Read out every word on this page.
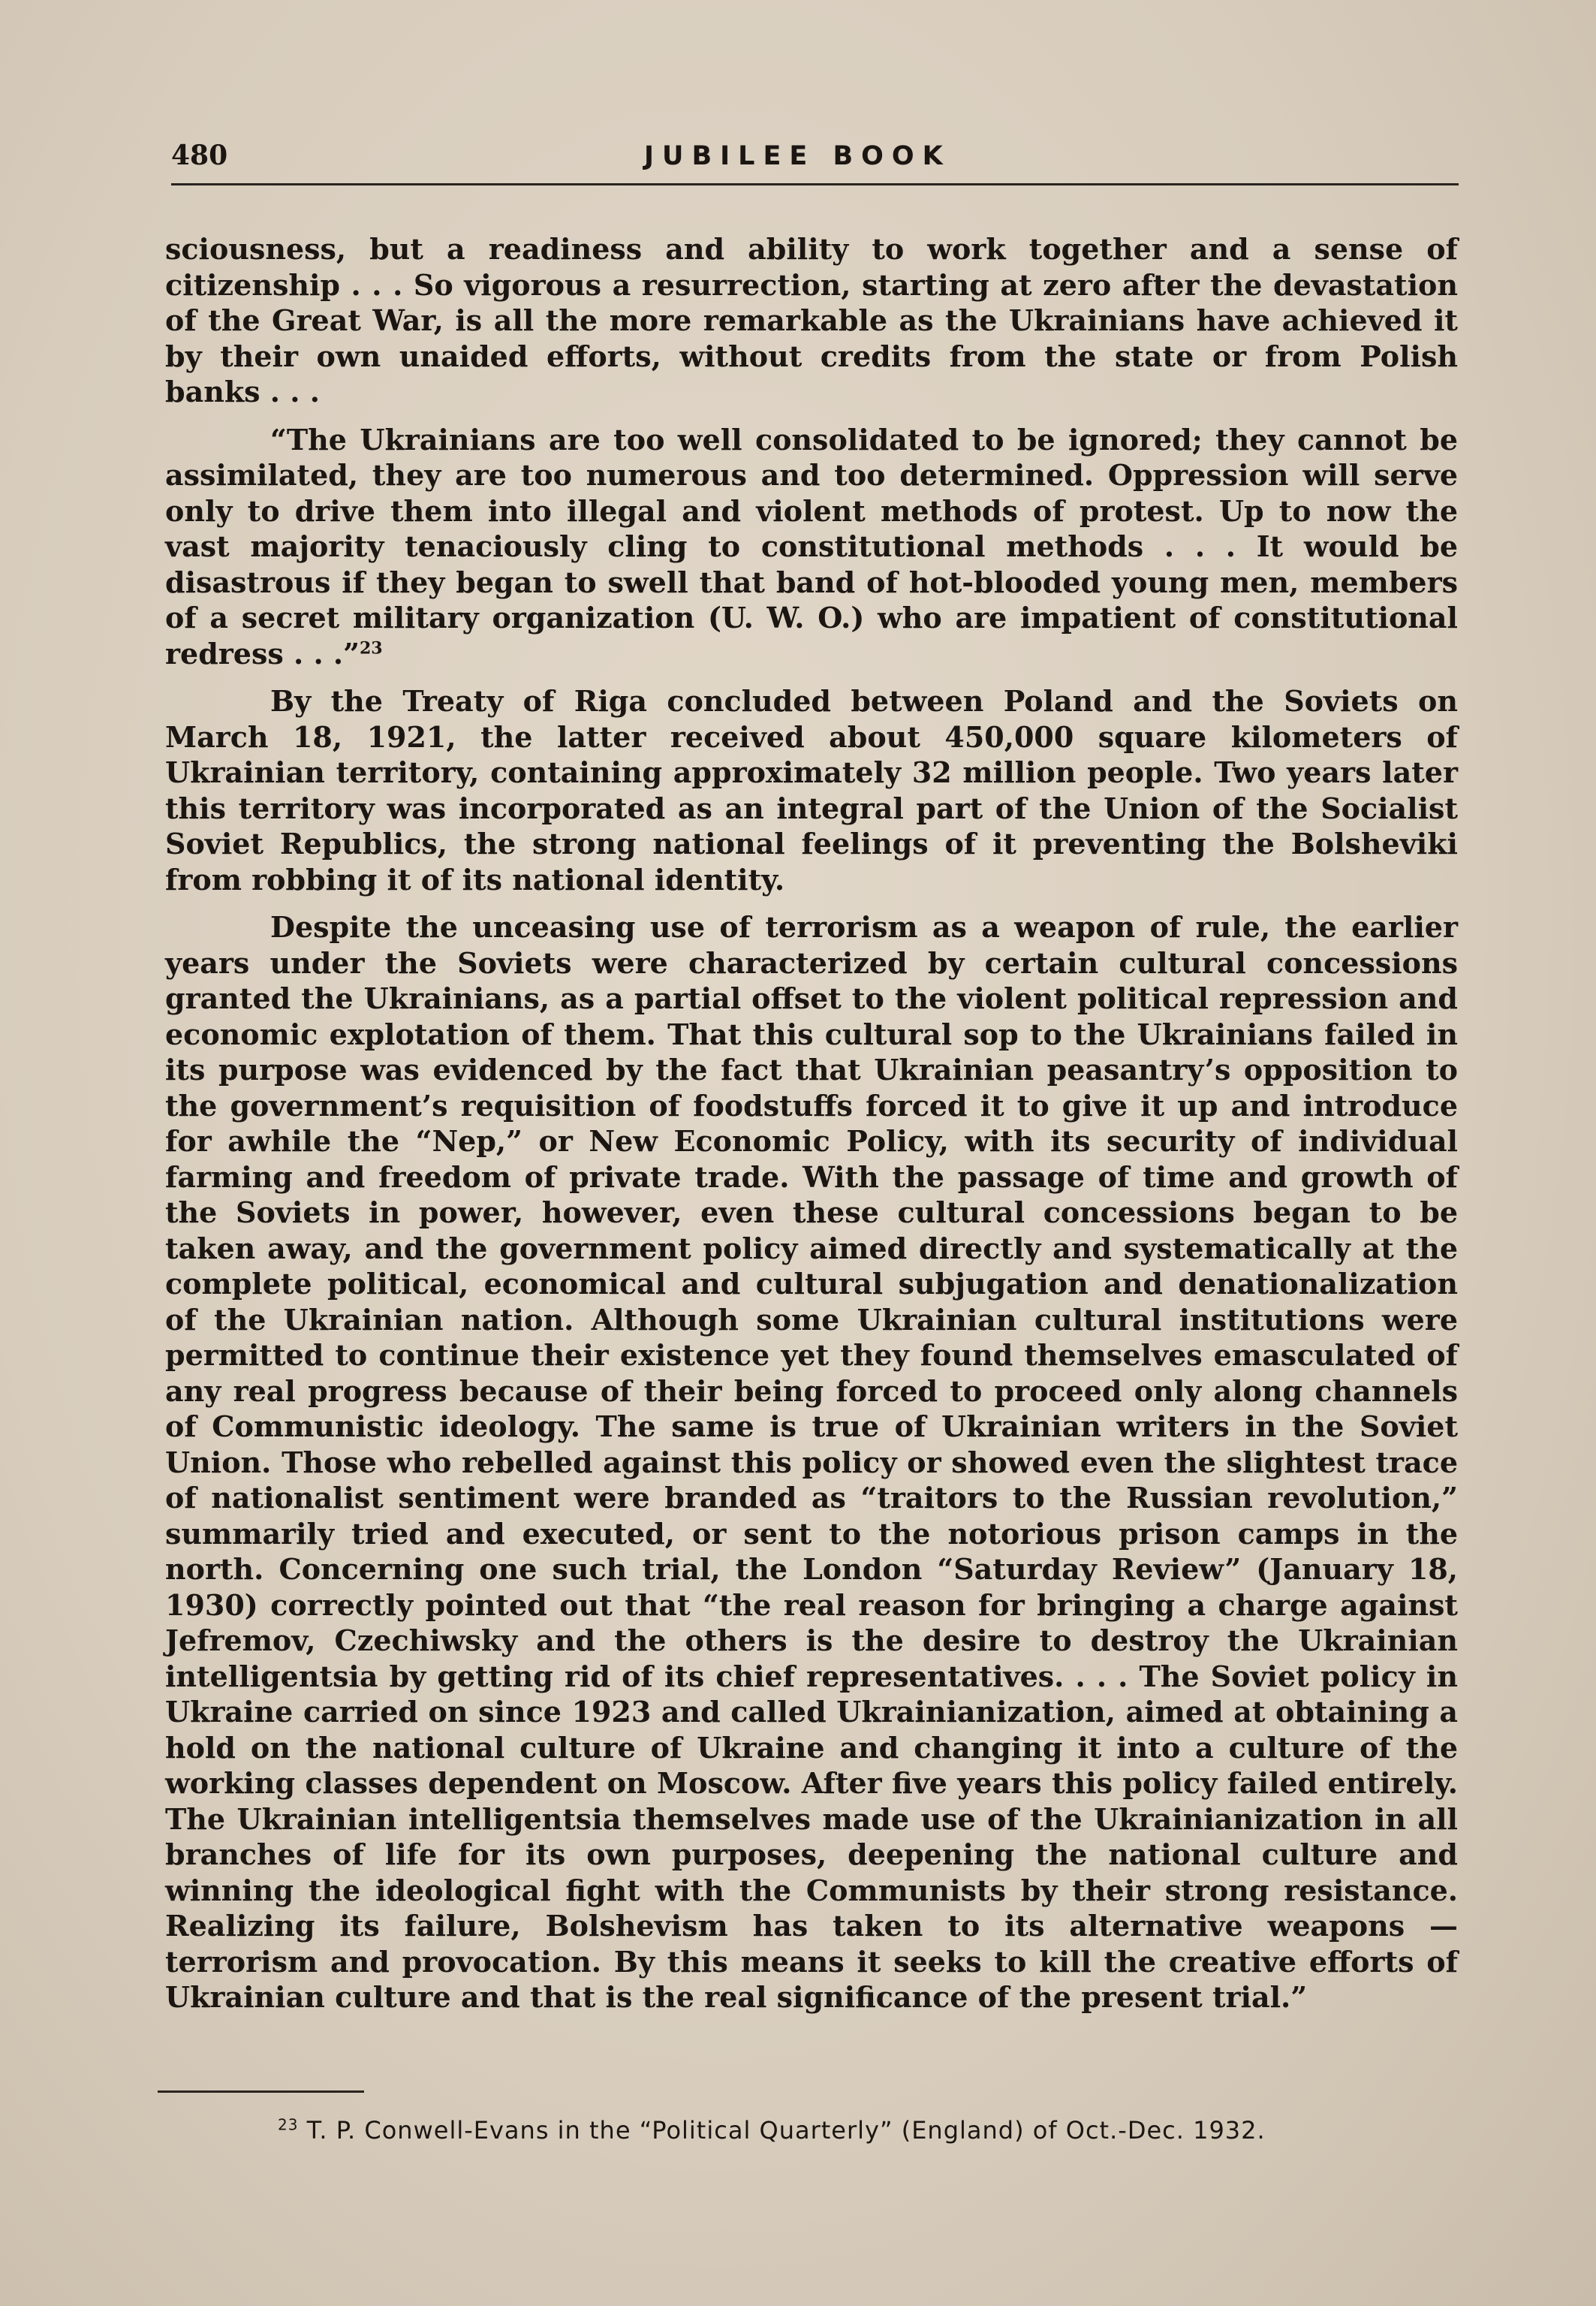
480	JUBILEE BOOK

sciousness, but a readiness and ability to work together and a sense of citizenship . . . So vigorous a resurrection, starting at zero after the devastation of the Great War, is all the more remarkable as the Ukrainians have achieved it by their own unaided efforts, without credits from the state or from Polish banks . . .

“The Ukrainians are too well consolidated to be ignored; they cannot be assimilated, they are too numerous and too determined. Oppression will serve only to drive them into illegal and violent methods of protest. Up to now the vast majority tenaciously cling to constitutional methods . . . It would be disastrous if they began to swell that band of hot-blooded young men, members of a secret military organization (U. W. O.) who are impatient of constitutional redress . . .”$^{23}$

By the Treaty of Riga concluded between Poland and the Soviets on March 18, 1921, the latter received about 450,000 square kilometers of Ukrainian territory, containing approximately 32 million people. Two years later this territory was incorporated as an integral part of the Union of the Socialist Soviet Republics, the strong national feelings of it preventing the Bolsheviki from robbing it of its national identity.

Despite the unceasing use of terrorism as a weapon of rule, the earlier years under the Soviets were characterized by certain cultural concessions granted the Ukrainians, as a partial offset to the violent political repression and economic explotation of them. That this cultural sop to the Ukrainians failed in its purpose was evidenced by the fact that Ukrainian peasantry’s opposition to the government’s requisition of foodstuffs forced it to give it up and introduce for awhile the “Nep,” or New Economic Policy, with its security of individual farming and freedom of private trade. With the passage of time and growth of the Soviets in power, however, even these cultural concessions began to be taken away, and the government policy aimed directly and systematically at the complete political, economical and cultural subjugation and denationalization of the Ukrainian nation. Although some Ukrainian cultural institutions were permitted to continue their existence yet they found themselves emasculated of any real progress because of their being forced to proceed only along channels of Communistic ideology. The same is true of Ukrainian writers in the Soviet Union. Those who rebelled against this policy or showed even the slightest trace of nationalist sentiment were branded as “traitors to the Russian revolution,” summarily tried and executed, or sent to the notorious prison camps in the north. Concerning one such trial, the London “Saturday Review” (January 18, 1930) correctly pointed out that “the real reason for bringing a charge against Jefremov, Czechiwsky and the others is the desire to destroy the Ukrainian intelligentsia by getting rid of its chief representatives. . . . The Soviet policy in Ukraine carried on since 1923 and called Ukrainianization, aimed at obtaining a hold on the national culture of Ukraine and changing it into a culture of the working classes dependent on Moscow. After five years this policy failed entirely. The Ukrainian intelligentsia themselves made use of the Ukrainianization in all branches of life for its own purposes, deepening the national culture and winning the ideological fight with the Communists by their strong resistance. Realizing its failure, Bolshevism has taken to its alternative weapons — terrorism and provocation. By this means it seeks to kill the creative efforts of Ukrainian culture and that is the real significance of the present trial.”

$^{23}$ T. P. Conwell-Evans in the “Political Quarterly” (England) of Oct.-Dec. 1932.
